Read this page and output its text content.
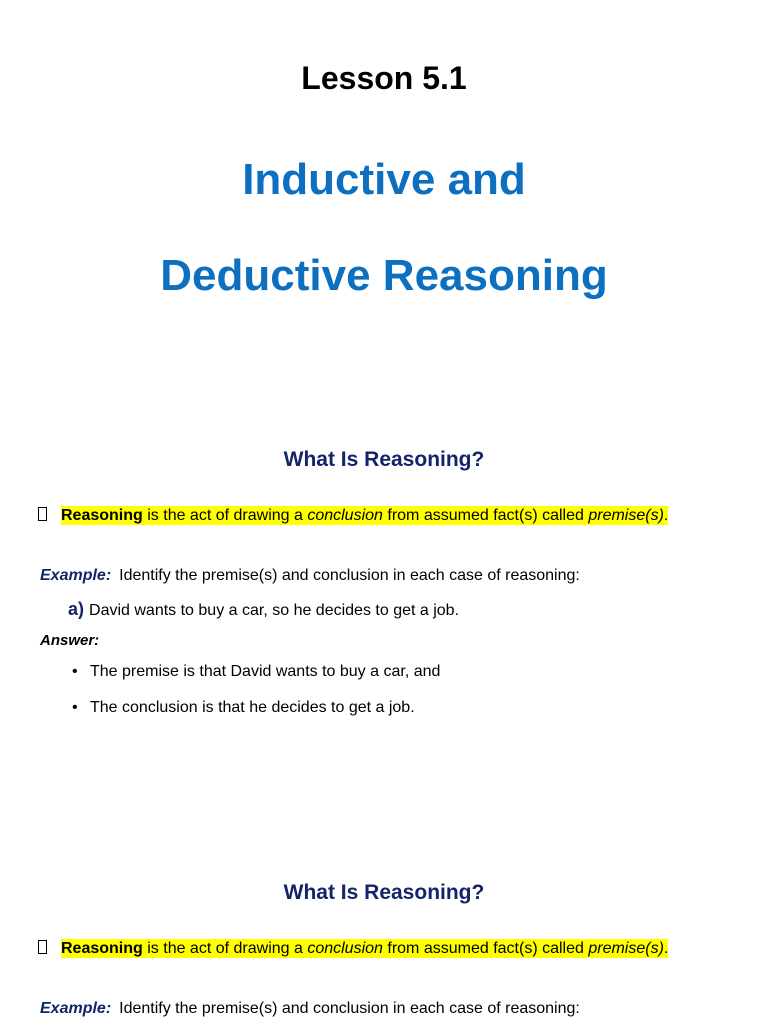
Lesson 5.1
Inductive and
Deductive Reasoning
What Is Reasoning?
Reasoning is the act of drawing a conclusion from assumed fact(s) called premise(s).
Example: Identify the premise(s) and conclusion in each case of reasoning:
a) David wants to buy a car, so he decides to get a job.
Answer:
• The premise is that David wants to buy a car, and
• The conclusion is that he decides to get a job.
What Is Reasoning?
Reasoning is the act of drawing a conclusion from assumed fact(s) called premise(s).
Example: Identify the premise(s) and conclusion in each case of reasoning:
